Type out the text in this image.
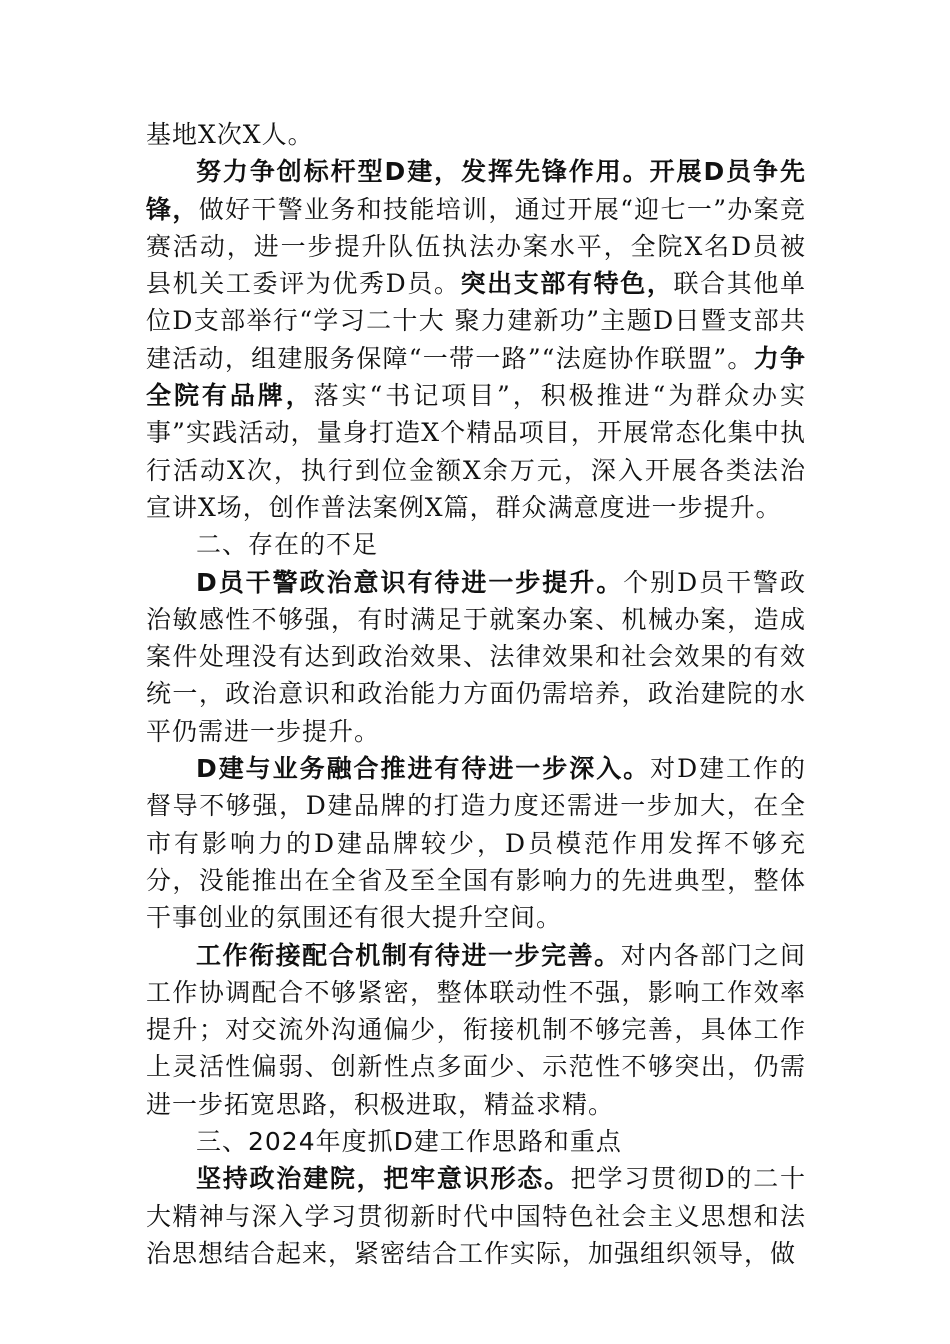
基地X次X人。

努力争创标杆型D建，发挥先锋作用。开展D员争先锋，做好干警业务和技能培训，通过开展“迎七一”办案竞赛活动，进一步提升队伍执法办案水平，全院X名D员被县机关工委评为优秀D员。突出支部有特色，联合其他单位D支部举行“学习二十大 聚力建新功”主题D日暨支部共建活动，组建服务保障“一带一路”“法庭协作联盟”。力争全院有品牌，落实“书记项目”，积极推进“为群众办实事”实践活动，量身打造X个精品项目，开展常态化集中执行活动X次，执行到位金额X余万元，深入开展各类法治宣讲X场，创作普法案例X篇，群众满意度进一步提升。

二、存在的不足

D员干警政治意识有待进一步提升。个别D员干警政治敏感性不够强，有时满足于就案办案、机械办案，造成案件处理没有达到政治效果、法律效果和社会效果的有效统一，政治意识和政治能力方面仍需培养，政治建院的水平仍需进一步提升。

D建与业务融合推进有待进一步深入。对D建工作的督导不够强，D建品牌的打造力度还需进一步加大，在全市有影响力的D建品牌较少，D员模范作用发挥不够充分，没能推出在全省及至全国有影响力的先进典型，整体干事创业的氛围还有很大提升空间。

工作衔接配合机制有待进一步完善。对内各部门之间工作协调配合不够紧密，整体联动性不强，影响工作效率提升；对交流外沟通偏少，衔接机制不够完善，具体工作上灵活性偏弱、创新性点多面少、示范性不够突出，仍需进一步拓宽思路，积极进取，精益求精。

三、2024年度抓D建工作思路和重点

坚持政治建院，把牢意识形态。把学习贯彻D的二十大精神与深入学习贯彻新时代中国特色社会主义思想和法治思想结合起来，紧密结合工作实际，加强组织领导，做
